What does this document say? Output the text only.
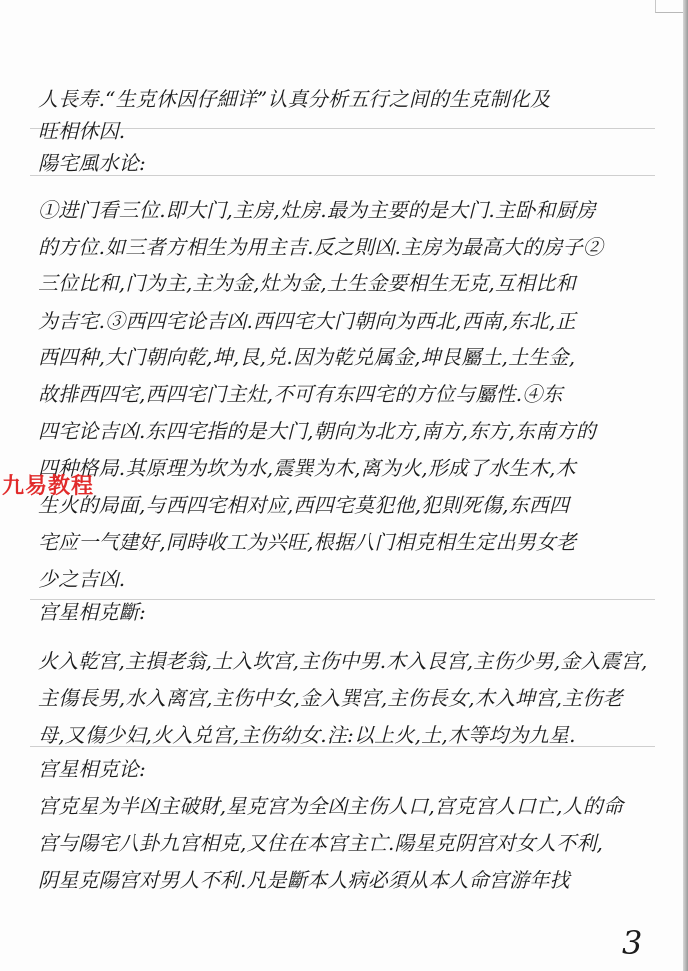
人長寿.“生克休因仔細详”认真分析五行之间的生克制化及
旺相休囚.
陽宅風水论:
①进门看三位.即大门,主房,灶房.最为主要的是大门.主卧和厨房
的方位.如三者方相生为用主吉.反之則凶.主房为最高大的房子②
三位比和,门为主,主为金,灶为金,土生金要相生无克,互相比和
为吉宅.③西四宅论吉凶.西四宅大门朝向为西北,西南,东北,正
西四种,大门朝向乾,坤,艮,兑.因为乾兑属金,坤艮屬土,土生金,
故排西四宅,西四宅门主灶,不可有东四宅的方位与屬性.④东
四宅论吉凶.东四宅指的是大门,朝向为北方,南方,东方,东南方的
四种格局.其原理为坎为水,震巽为木,离为火,形成了水生木,木
生火的局面,与西四宅相对应,西四宅莫犯他,犯則死傷,东西四
宅应一气建好,同時收工为兴旺,根据八门相克相生定出男女老
少之吉凶.
宫星相克斷:
火入乾宫,主損老翁,土入坎宫,主伤中男.木入艮宫,主伤少男,金入震宫,
主傷長男,水入离宫,主伤中女,金入巽宫,主伤長女,木入坤宫,主伤老
母,又傷少妇,火入兑宫,主伤幼女.注:以上火,土,木等均为九星.
宫星相克论:
宫克星为半凶主破財,星克宫为全凶主伤人口,宫克宫人口亡,人的命
宫与陽宅八卦九宫相克,又住在本宫主亡.陽星克阴宫对女人不利,
阴星克陽宫对男人不利.凡是斷本人病必須从本人命宫游年找
九易教程
3
